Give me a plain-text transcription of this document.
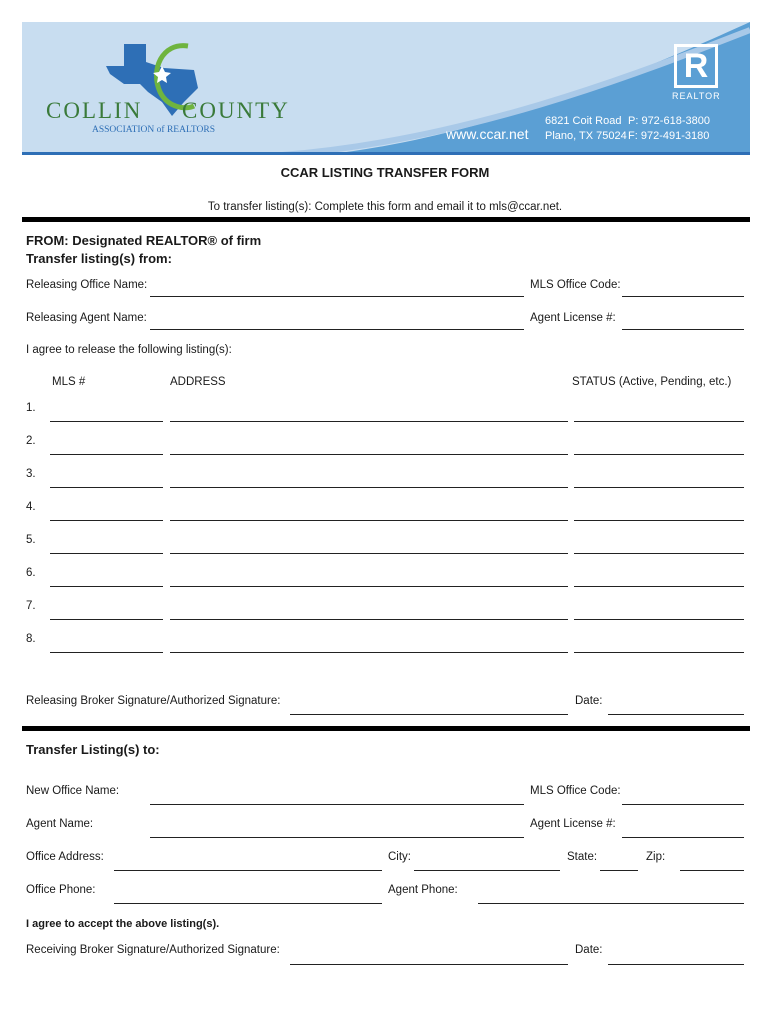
COLLIN COUNTY
ASSOCIATION of REALTORS
R
REALTOR
www.ccar.net
6821 Coit Road
Plano, TX 75024
P: 972-618-3800
F: 972-491-3180
CCAR LISTING TRANSFER FORM
To transfer listing(s): Complete this form and email it to mls@ccar.net.
FROM: Designated REALTOR® of firm
Transfer listing(s) from:
Releasing Office Name:	MLS Office Code:
Releasing Agent Name:	Agent License #:
I agree to release the following listing(s):
MLS #	ADDRESS	STATUS (Active, Pending, etc.)
1.
2.
3.
4.
5.
6.
7.
8.
Releasing Broker Signature/Authorized Signature:	Date:
Transfer Listing(s) to:
New Office Name:	MLS Office Code:
Agent Name:	Agent License #:
Office Address:	City:	State:	Zip:
Office Phone:	Agent Phone:
I agree to accept the above listing(s).
Receiving Broker Signature/Authorized Signature:	Date:
